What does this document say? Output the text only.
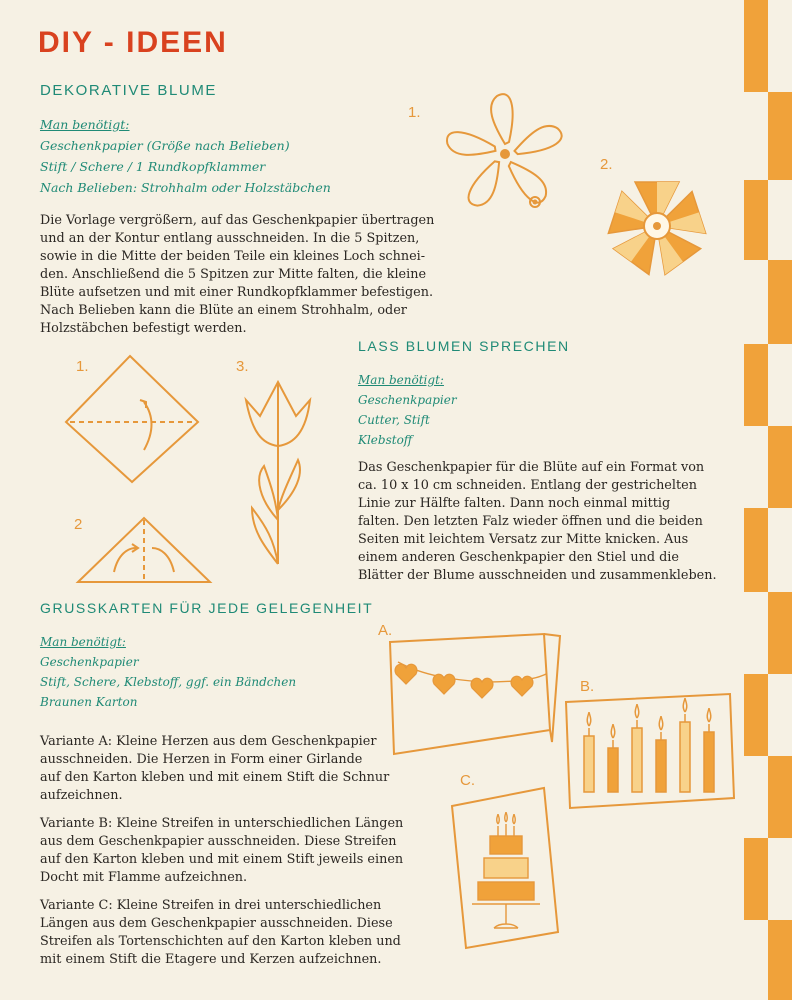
DIY - IDEEN
DEKORATIVE BLUME
Man benötigt:
Geschenkpapier (Größe nach Belieben)
Stift / Schere / 1 Rundkopfklammer
Nach Belieben: Strohhalm oder Holzstäbchen
Die Vorlage vergrößern, auf das Geschenkpapier übertragen
und an der Kontur entlang ausschneiden. In die 5 Spitzen,
sowie in die Mitte der beiden Teile ein kleines Loch schnei-
den. Anschließend die 5 Spitzen zur Mitte falten, die kleine
Blüte aufsetzen und mit einer Rundkopfklammer befestigen.
Nach Belieben kann die Blüte an einem Strohhalm, oder
Holzstäbchen befestigt werden.
1.
2.
LASS BLUMEN SPRECHEN
Man benötigt:
Geschenkpapier
Cutter, Stift
Klebstoff
Das Geschenkpapier für die Blüte auf ein Format von
ca. 10 x 10 cm schneiden. Entlang der gestrichelten
Linie zur Hälfte falten. Dann noch einmal mittig
falten. Den letzten Falz wieder öffnen und die beiden
Seiten mit leichtem Versatz zur Mitte knicken. Aus
einem anderen Geschenkpapier den Stiel und die
Blätter der Blume ausschneiden und zusammenkleben.
1.	3.
2
GRUSSKARTEN FÜR JEDE GELEGENHEIT
Man benötigt:
Geschenkpapier
Stift, Schere, Klebstoff, ggf. ein Bändchen
Braunen Karton

Variante A: Kleine Herzen aus dem Geschenkpapier
ausschneiden. Die Herzen in Form einer Girlande
auf den Karton kleben und mit einem Stift die Schnur
aufzeichnen.

Variante B: Kleine Streifen in unterschiedlichen Längen
aus dem Geschenkpapier ausschneiden. Diese Streifen
auf den Karton kleben und mit einem Stift jeweils einen
Docht mit Flamme aufzeichnen.

Variante C: Kleine Streifen in drei unterschiedlichen
Längen aus dem Geschenkpapier ausschneiden. Diese
Streifen als Tortenschichten auf den Karton kleben und
mit einem Stift die Etagere und Kerzen aufzeichnen.

A.
B.
C.
